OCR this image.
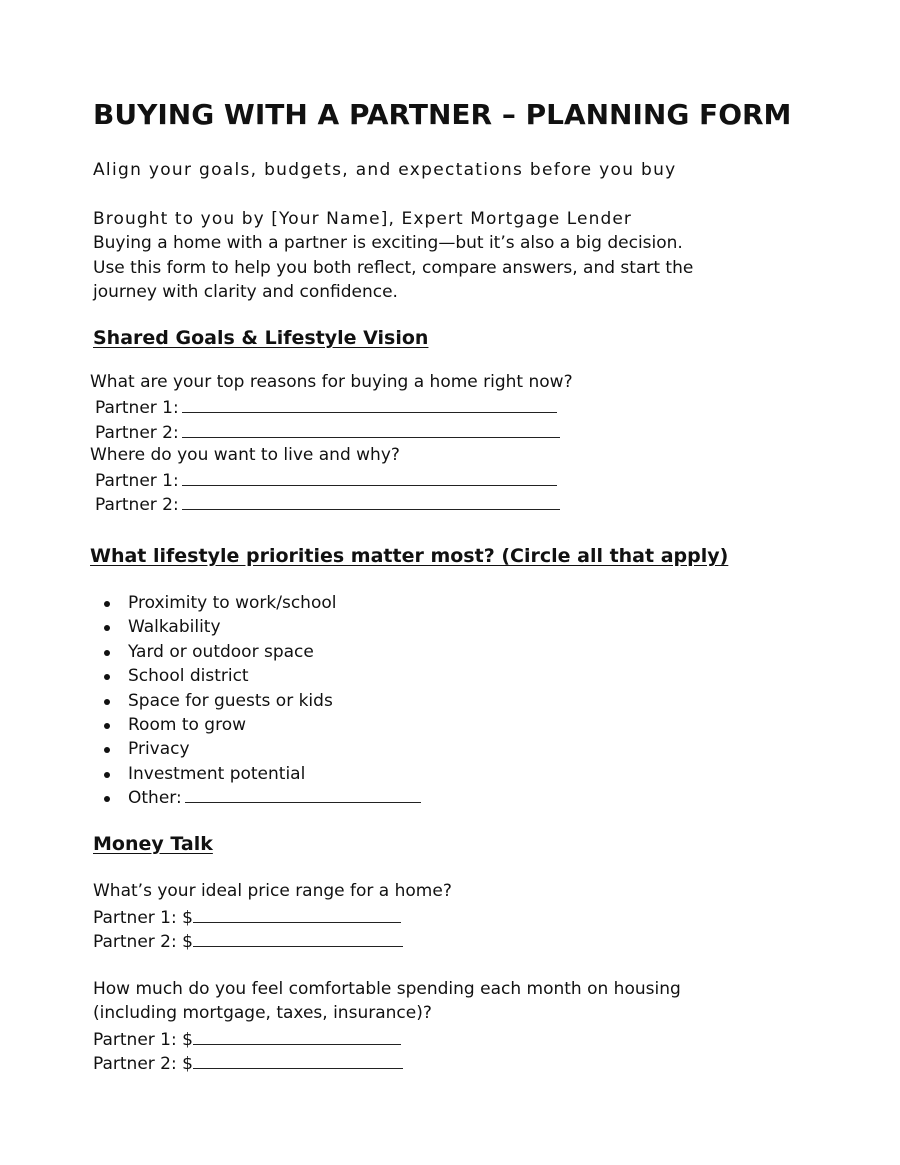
BUYING WITH A PARTNER – PLANNING FORM
Align your goals, budgets, and expectations before you buy
Brought to you by [Your Name], Expert Mortgage Lender
Buying a home with a partner is exciting—but it’s also a big decision.
Use this form to help you both reflect, compare answers, and start the
journey with clarity and confidence.
Shared Goals & Lifestyle Vision
What are your top reasons for buying a home right now?
Partner 1:
Partner 2:
Where do you want to live and why?
Partner 1:
Partner 2:
What lifestyle priorities matter most? (Circle all that apply)
Proximity to work/school
Walkability
Yard or outdoor space
School district
Space for guests or kids
Room to grow
Privacy
Investment potential
Other:
Money Talk
What’s your ideal price range for a home?
Partner 1: $
Partner 2: $
How much do you feel comfortable spending each month on housing
(including mortgage, taxes, insurance)?
Partner 1: $
Partner 2: $
